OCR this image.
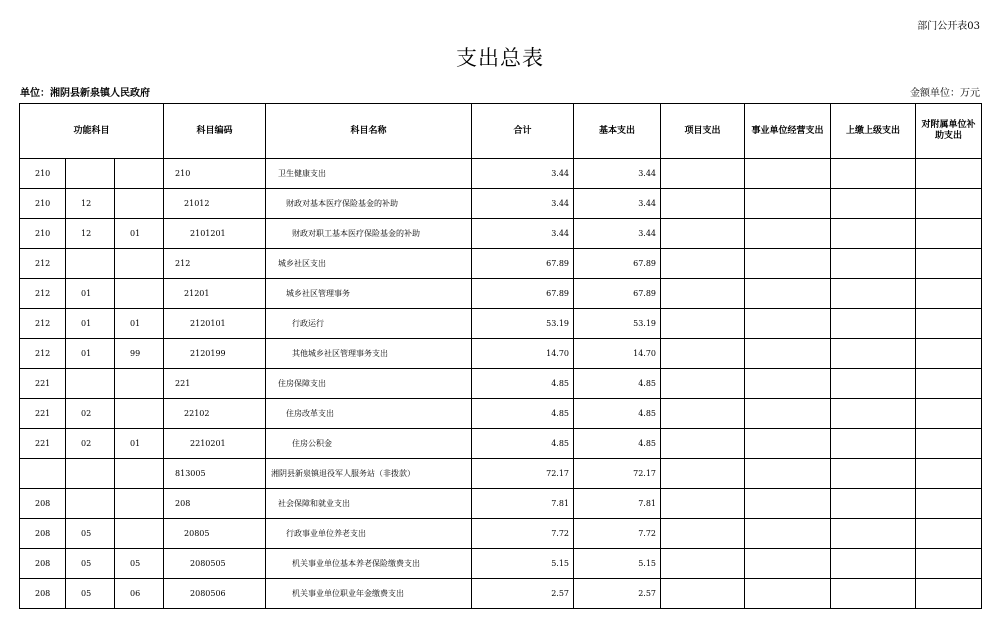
部门公开表03
支出总表
单位：湘阴县新泉镇人民政府	金额单位：万元
功能科目			科目编码	科目名称	合计	基本支出	项目支出	事业单位经营支出	上缴上级支出	对附属单位补助支出
210			210	卫生健康支出	3.44	3.44				
210	12		21012	财政对基本医疗保险基金的补助	3.44	3.44				
210	12	01	2101201	财政对职工基本医疗保险基金的补助	3.44	3.44				
212			212	城乡社区支出	67.89	67.89				
212	01		21201	城乡社区管理事务	67.89	67.89				
212	01	01	2120101	行政运行	53.19	53.19				
212	01	99	2120199	其他城乡社区管理事务支出	14.70	14.70				
221			221	住房保障支出	4.85	4.85				
221	02		22102	住房改革支出	4.85	4.85				
221	02	01	2210201	住房公积金	4.85	4.85				
			813005	湘阴县新泉镇退役军人服务站（非拨款）	72.17	72.17				
208			208	社会保障和就业支出	7.81	7.81				
208	05		20805	行政事业单位养老支出	7.72	7.72				
208	05	05	2080505	机关事业单位基本养老保险缴费支出	5.15	5.15				
208	05	06	2080506	机关事业单位职业年金缴费支出	2.57	2.57				
